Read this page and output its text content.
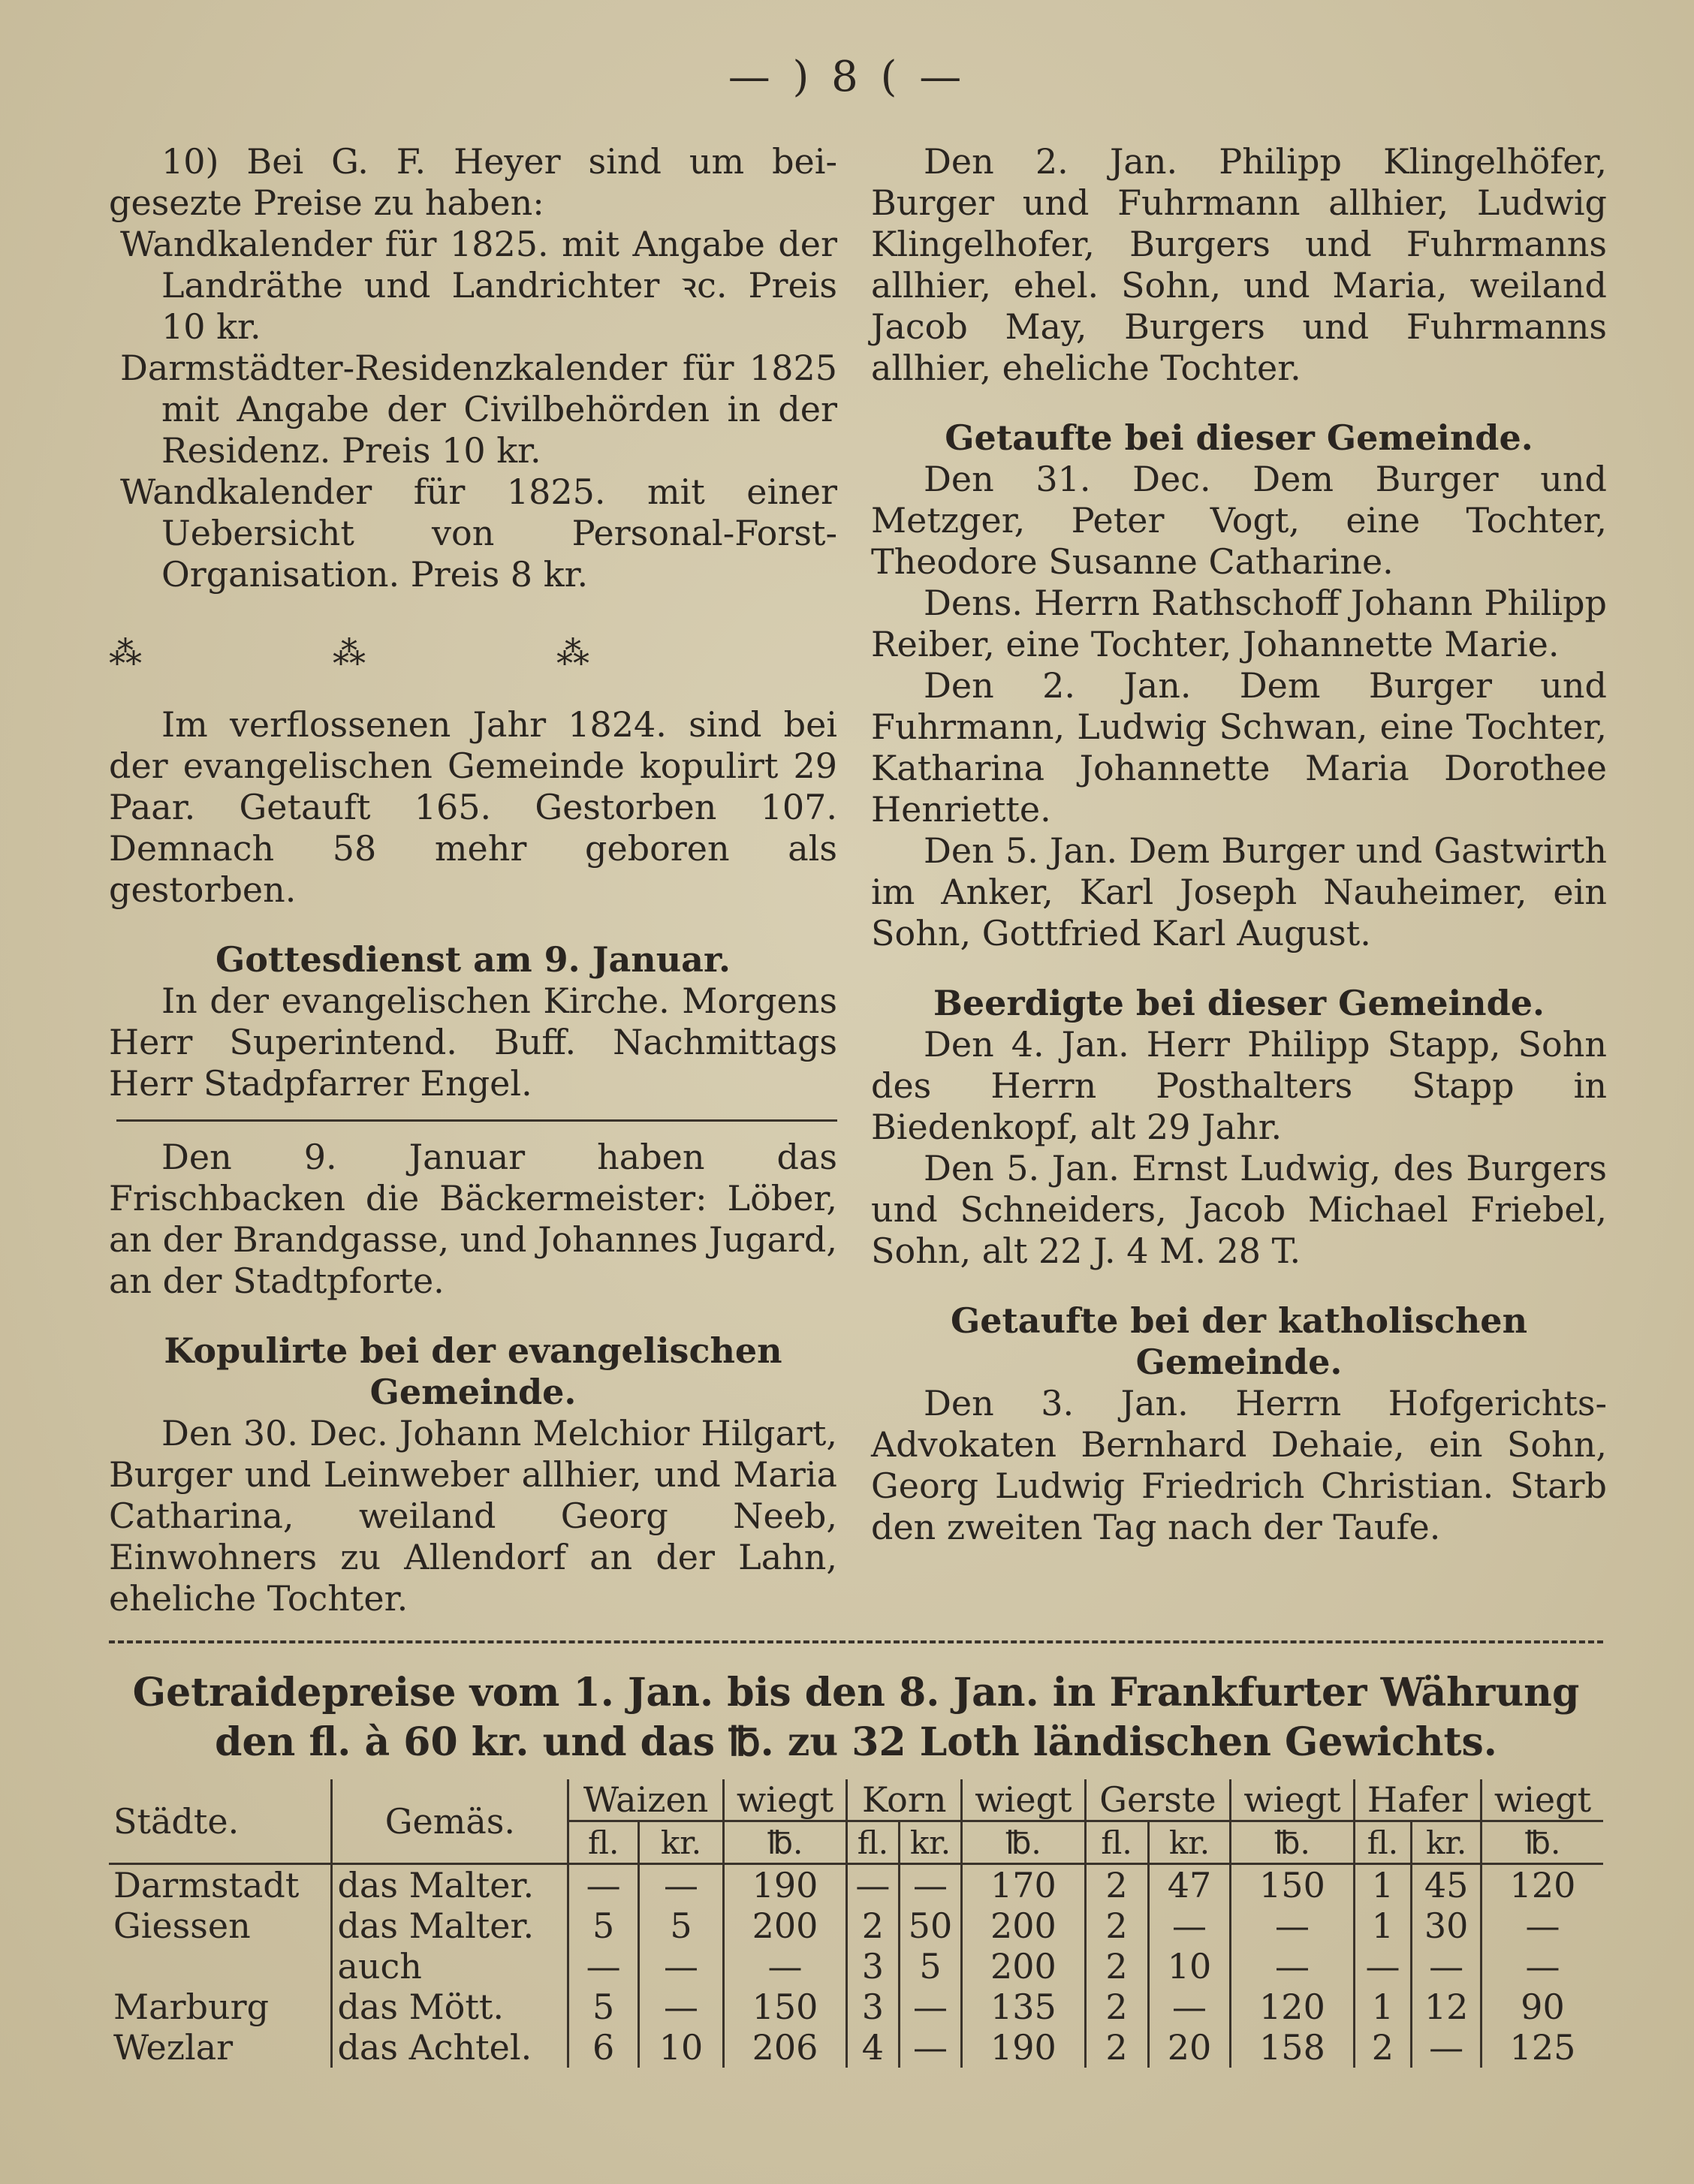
— ) 8 ( —

10) Bei G. F. Heyer sind um bei-gesezte Preise zu haben:

Wandkalender für 1825. mit Angabe der Landräthe und Landrichter ꝛc. Preis 10 kr.

Darmstädter-Residenzkalender für 1825 mit Angabe der Civilbehörden in der Residenz. Preis 10 kr.

Wandkalender für 1825. mit einer Uebersicht von Personal-Forst-Organisation. Preis 8 kr.

⁂ ⁂ ⁂

Im verflossenen Jahr 1824. sind bei der evangelischen Gemeinde kopulirt 29 Paar. Getauft 165. Gestorben 107. Demnach 58 mehr geboren als gestorben.

Gottesdienst am 9. Januar.

In der evangelischen Kirche. Morgens Herr Superintend. Buff. Nachmittags Herr Stadpfarrer Engel.

Den 9. Januar haben das Frischbacken die Bäckermeister: Löber, an der Brandgasse, und Johannes Jugard, an der Stadtpforte.

Kopulirte bei der evangelischen Gemeinde.

Den 30. Dec. Johann Melchior Hilgart, Burger und Leinweber allhier, und Maria Catharina, weiland Georg Neeb, Einwohners zu Allendorf an der Lahn, eheliche Tochter.

Den 2. Jan. Philipp Klingelhöfer, Burger und Fuhrmann allhier, Ludwig Klingelhofer, Burgers und Fuhrmanns allhier, ehel. Sohn, und Maria, weiland Jacob May, Burgers und Fuhrmanns allhier, eheliche Tochter.

Getaufte bei dieser Gemeinde.

Den 31. Dec. Dem Burger und Metzger, Peter Vogt, eine Tochter, Theodore Susanne Catharine.

Dens. Herrn Rathschoff Johann Philipp Reiber, eine Tochter, Johannette Marie.

Den 2. Jan. Dem Burger und Fuhrmann, Ludwig Schwan, eine Tochter, Katharina Johannette Maria Dorothee Henriette.

Den 5. Jan. Dem Burger und Gastwirth im Anker, Karl Joseph Nauheimer, ein Sohn, Gottfried Karl August.

Beerdigte bei dieser Gemeinde.

Den 4. Jan. Herr Philipp Stapp, Sohn des Herrn Posthalters Stapp in Biedenkopf, alt 29 Jahr.

Den 5. Jan. Ernst Ludwig, des Burgers und Schneiders, Jacob Michael Friebel, Sohn, alt 22 J. 4 M. 28 T.

Getaufte bei der katholischen Gemeinde.

Den 3. Jan. Herrn Hofgerichts-Advokaten Bernhard Dehaie, ein Sohn, Georg Ludwig Friedrich Christian. Starb den zweiten Tag nach der Taufe.

Getraidepreise vom 1. Jan. bis den 8. Jan. in Frankfurter Währung
den fl. à 60 kr. und das ℔. zu 32 Loth ländischen Gewichts.
Städte.	Gemäs.	Waizen		wiegt	Korn		wiegt	Gerste		wiegt	Hafer		wiegt
		fl.	kr.	℔.	fl.	kr.	℔.	fl.	kr.	℔.	fl.	kr.	℔.
Darmstadt	das Malter.	—	—	190	—	—	170	2	47	150	1	45	120
Giessen	das Malter.	5	5	200	2	50	200	2	—	—	1	30	—
	auch	—	—	—	3	5	200	2	10	—	—	—	—
Marburg	das Mött.	5	—	150	3	—	135	2	—	120	1	12	90
Wezlar	das Achtel.	6	10	206	4	—	190	2	20	158	2	—	125
